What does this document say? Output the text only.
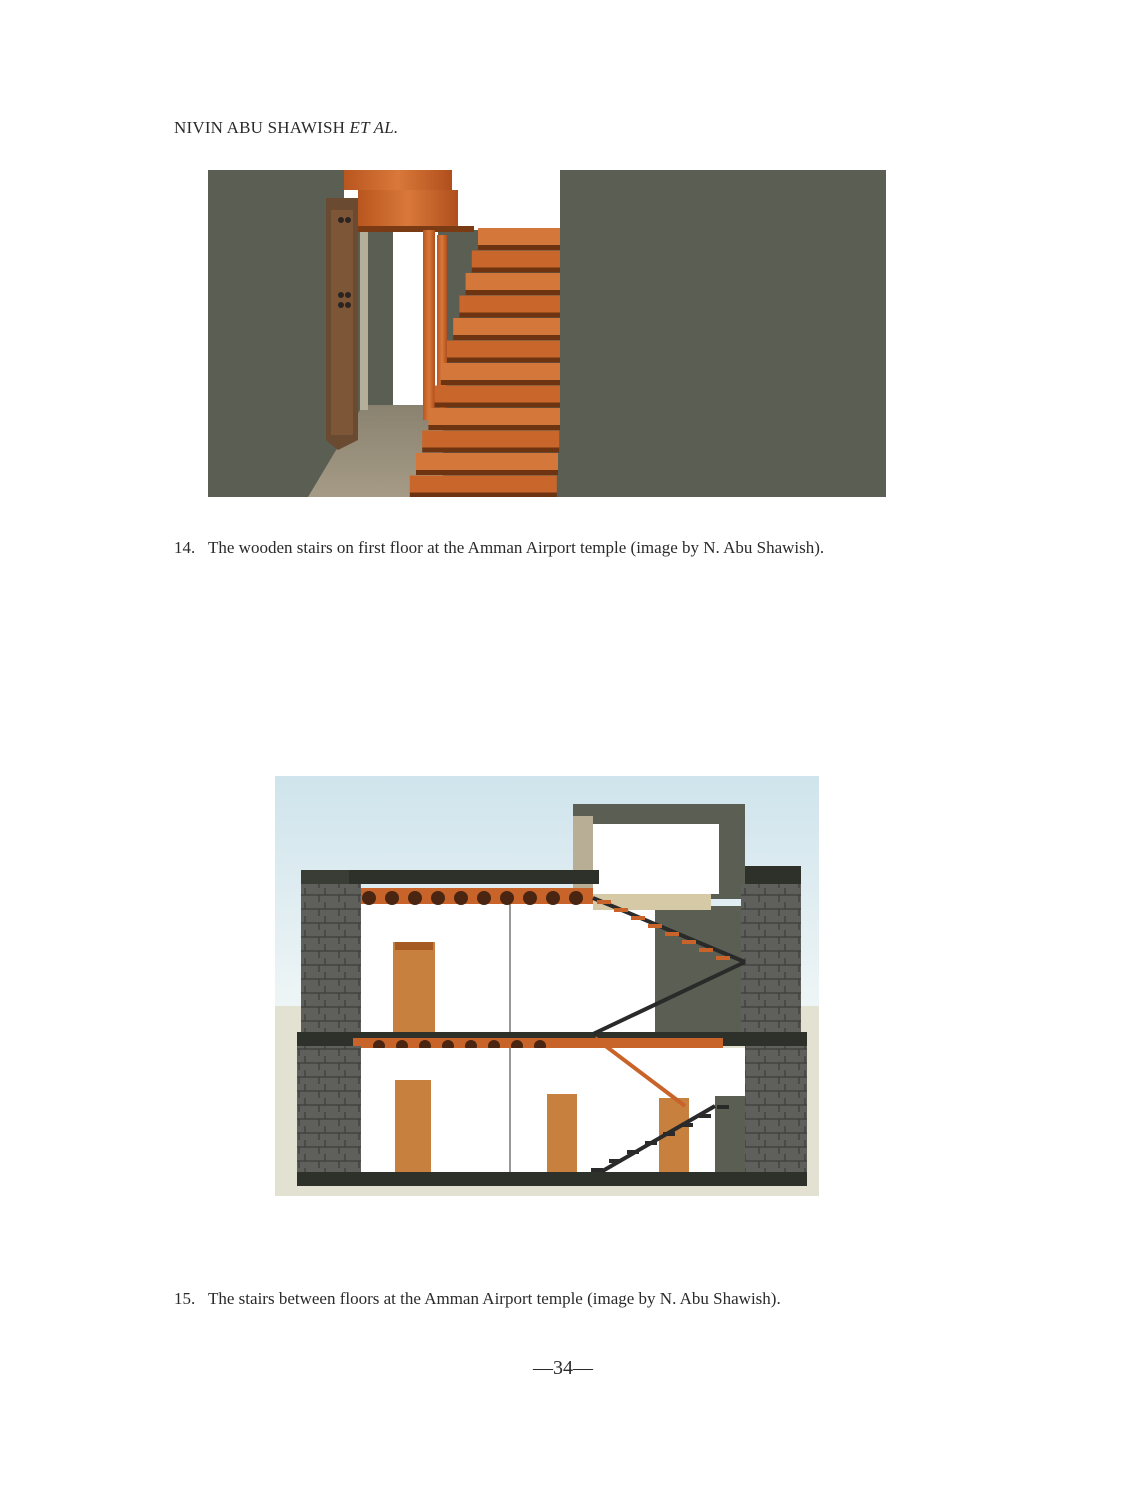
NIVIN ABU SHAWISH ET AL.
14. The wooden stairs on first floor at the Amman Airport temple (image by N. Abu Shawish).
15. The stairs between floors at the Amman Airport temple (image by N. Abu Shawish).
—34—
